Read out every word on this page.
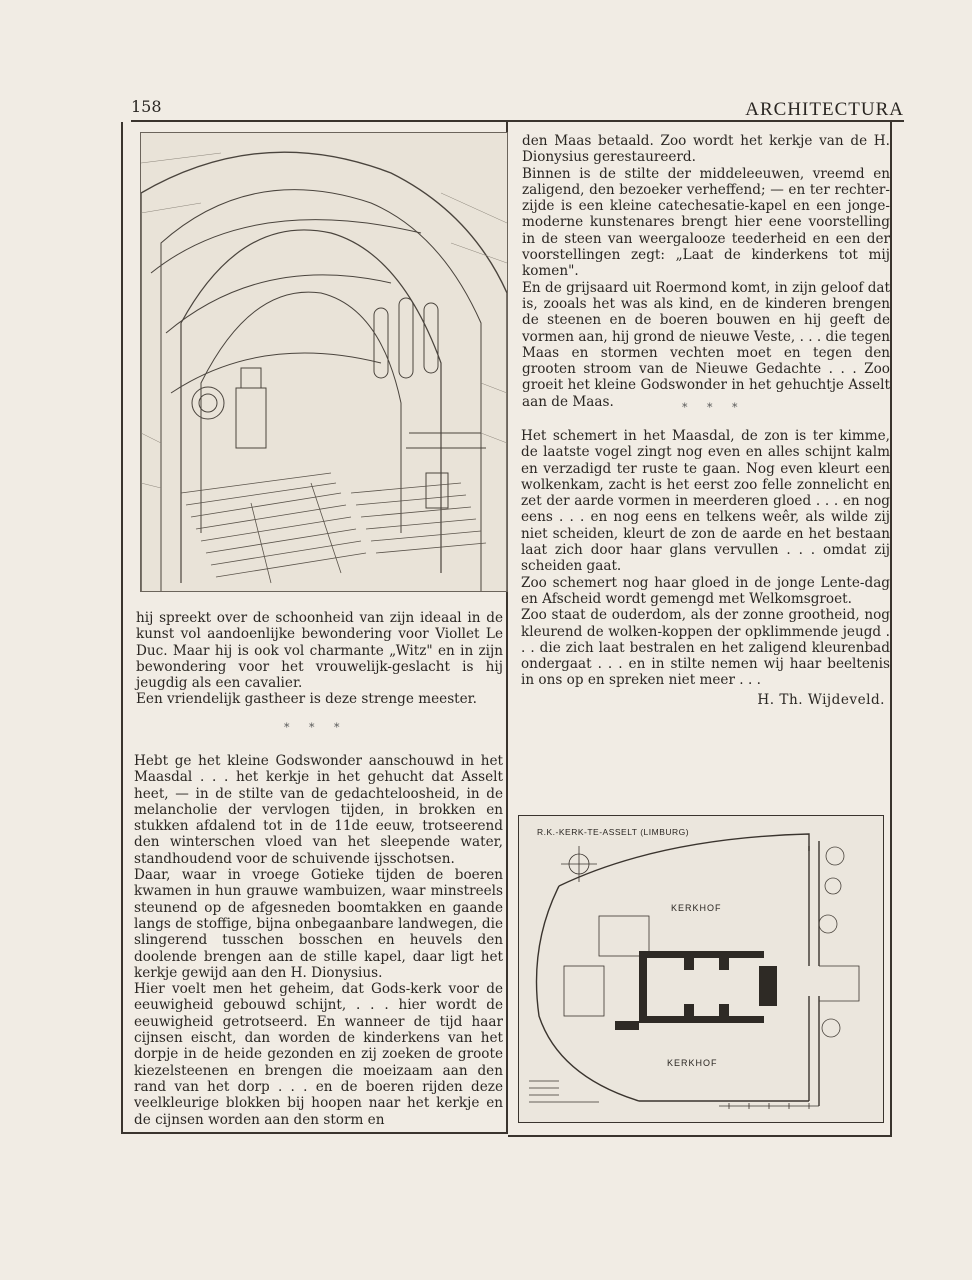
158	ARCHITECTURA

hij spreekt over de schoonheid van zijn ideaal in de kunst vol aandoenlijke bewondering voor Viollet Le Duc. Maar hij is ook vol charmante „Witz" en in zijn bewondering voor het vrouwelijk-geslacht is hij jeugdig als een cavalier.

Een vriendelijk gastheer is deze strenge meester.

* * *

Hebt ge het kleine Godswonder aanschouwd in het Maasdal . . . het kerkje in het gehucht dat Asselt heet, — in de stilte van de gedachteloosheid, in de melancholie der vervlogen tijden, in brokken en stukken afdalend tot in de 11de eeuw, trotseerend den winterschen vloed van het sleepende water, standhoudend voor de schuivende ijsschotsen.

Daar, waar in vroege Gotieke tijden de boeren kwamen in hun grauwe wambuizen, waar minstreels steunend op de afgesneden boomtakken en gaande langs de stoffige, bijna onbegaanbare landwegen, die slingerend tusschen bosschen en heuvels den doolende brengen aan de stille kapel, daar ligt het kerkje gewijd aan den H. Dionysius.

Hier voelt men het geheim, dat Gods-kerk voor de eeuwigheid gebouwd schijnt, . . . hier wordt de eeuwigheid getrotseerd. En wanneer de tijd haar cijnsen eischt, dan worden de kinderkens van het dorpje in de heide gezonden en zij zoeken de groote kiezelsteenen en brengen die moeizaam aan den rand van het dorp . . . en de boeren rijden deze veelkleurige blokken bij hoopen naar het kerkje en de cijnsen worden aan den storm en

den Maas betaald. Zoo wordt het kerkje van de H. Dionysius gerestaureerd.

Binnen is de stilte der middeleeuwen, vreemd en zaligend, den bezoeker verheffend; — en ter rechter-zijde is een kleine catechesatie-kapel en een jonge-moderne kunstenares brengt hier eene voorstelling in de steen van weergalooze teederheid en een der voorstellingen zegt: „Laat de kinderkens tot mij komen".

En de grijsaard uit Roermond komt, in zijn geloof dat is, zooals het was als kind, en de kinderen brengen de steenen en de boeren bouwen en hij geeft de vormen aan, hij grond de nieuwe Veste, . . . die tegen Maas en stormen vechten moet en tegen den grooten stroom van de Nieuwe Gedachte . . . Zoo groeit het kleine Godswonder in het gehuchtje Asselt aan de Maas.	* * *

Het schemert in het Maasdal, de zon is ter kimme, de laatste vogel zingt nog even en alles schijnt kalm en verzadigd ter ruste te gaan. Nog even kleurt een wolkenkam, zacht is het eerst zoo felle zonnelicht en zet der aarde vormen in meerderen gloed . . . en nog eens . . . en nog eens en telkens weêr, als wilde zij niet scheiden, kleurt de zon de aarde en het bestaan laat zich door haar glans vervullen . . . omdat zij scheiden gaat.

Zoo schemert nog haar gloed in de jonge Lente-dag en Afscheid wordt gemengd met Welkomsgroet.

Zoo staat de ouderdom, als der zonne grootheid, nog kleurend de wolken-koppen der opklimmende jeugd . . . die zich laat bestralen en het zaligend kleurenbad ondergaat . . . en in stilte nemen wij haar beeltenis in ons op en spreken niet meer . . .

H. Th. Wijdeveld.
R.K.-KERK-TE-ASSELT (LIMBURG)
KERKHOF
KERKHOF
